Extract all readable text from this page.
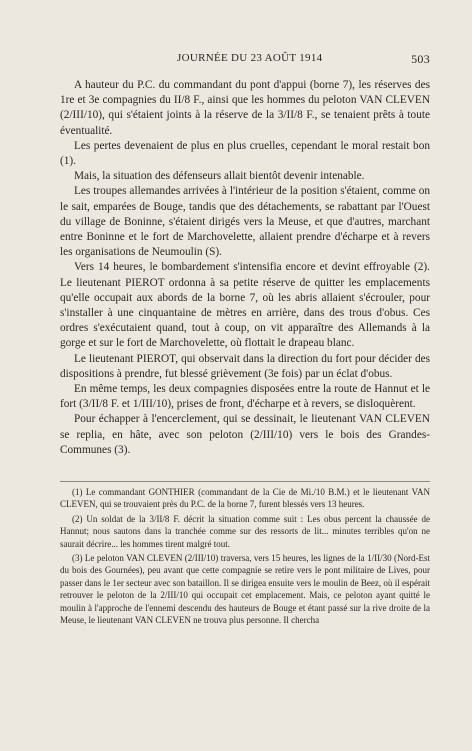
JOURNÉE DU 23 AOÛT 1914	503

A hauteur du P.C. du commandant du pont d'appui (borne 7), les réserves des 1re et 3e compagnies du II/8 F., ainsi que les hommes du peloton VAN CLEVEN (2/III/10), qui s'étaient joints à la réserve de la 3/II/8 F., se tenaient prêts à toute éventualité.

Les pertes devenaient de plus en plus cruelles, cependant le moral restait bon (1).

Mais, la situation des défenseurs allait bientôt devenir intenable.

Les troupes allemandes arrivées à l'intérieur de la position s'étaient, comme on le sait, emparées de Bouge, tandis que des détachements, se rabattant par l'Ouest du village de Boninne, s'étaient dirigés vers la Meuse, et que d'autres, marchant entre Boninne et le fort de Marchovelette, allaient prendre d'écharpe et à revers les organisations de Neumoulin (S).

Vers 14 heures, le bombardement s'intensifia encore et devint effroyable (2). Le lieutenant PIEROT ordonna à sa petite réserve de quitter les emplacements qu'elle occupait aux abords de la borne 7, où les abris allaient s'écrouler, pour s'installer à une cinquantaine de mètres en arrière, dans des trous d'obus. Ces ordres s'exécutaient quand, tout à coup, on vit apparaître des Allemands à la gorge et sur le fort de Marchovelette, où flottait le drapeau blanc.

Le lieutenant PIEROT, qui observait dans la direction du fort pour décider des dispositions à prendre, fut blessé grièvement (3e fois) par un éclat d'obus.

En même temps, les deux compagnies disposées entre la route de Hannut et le fort (3/II/8 F. et 1/III/10), prises de front, d'écharpe et à revers, se disloquèrent.

Pour échapper à l'encerclement, qui se dessinait, le lieutenant VAN CLEVEN se replia, en hâte, avec son peloton (2/III/10) vers le bois des Grandes-Communes (3).

(1) Le commandant GONTHIER (commandant de la Cie de Mi./10 B.M.) et le lieutenant VAN CLEVEN, qui se trouvaient près du P.C. de la borne 7, furent blessés vers 13 heures.

(2) Un soldat de la 3/II/8 F. décrit la situation comme suit : Les obus percent la chaussée de Hannut; nous sautons dans la tranchée comme sur des ressorts de lit... minutes terribles qu'on ne saurait décrire... les hommes tirent malgré tout.

(3) Le peloton VAN CLEVEN (2/III/10) traversa, vers 15 heures, les lignes de la 1/II/30 (Nord-Est du bois des Gournées), peu avant que cette compagnie se retire vers le pont militaire de Lives, pour passer dans le 1er secteur avec son bataillon. Il se dirigea ensuite vers le moulin de Beez, où il espérait retrouver le peloton de la 2/III/10 qui occupait cet emplacement. Mais, ce peloton ayant quitté le moulin à l'approche de l'ennemi descendu des hauteurs de Bouge et étant passé sur la rive droite de la Meuse, le lieutenant VAN CLEVEN ne trouva plus personne. Il chercha
